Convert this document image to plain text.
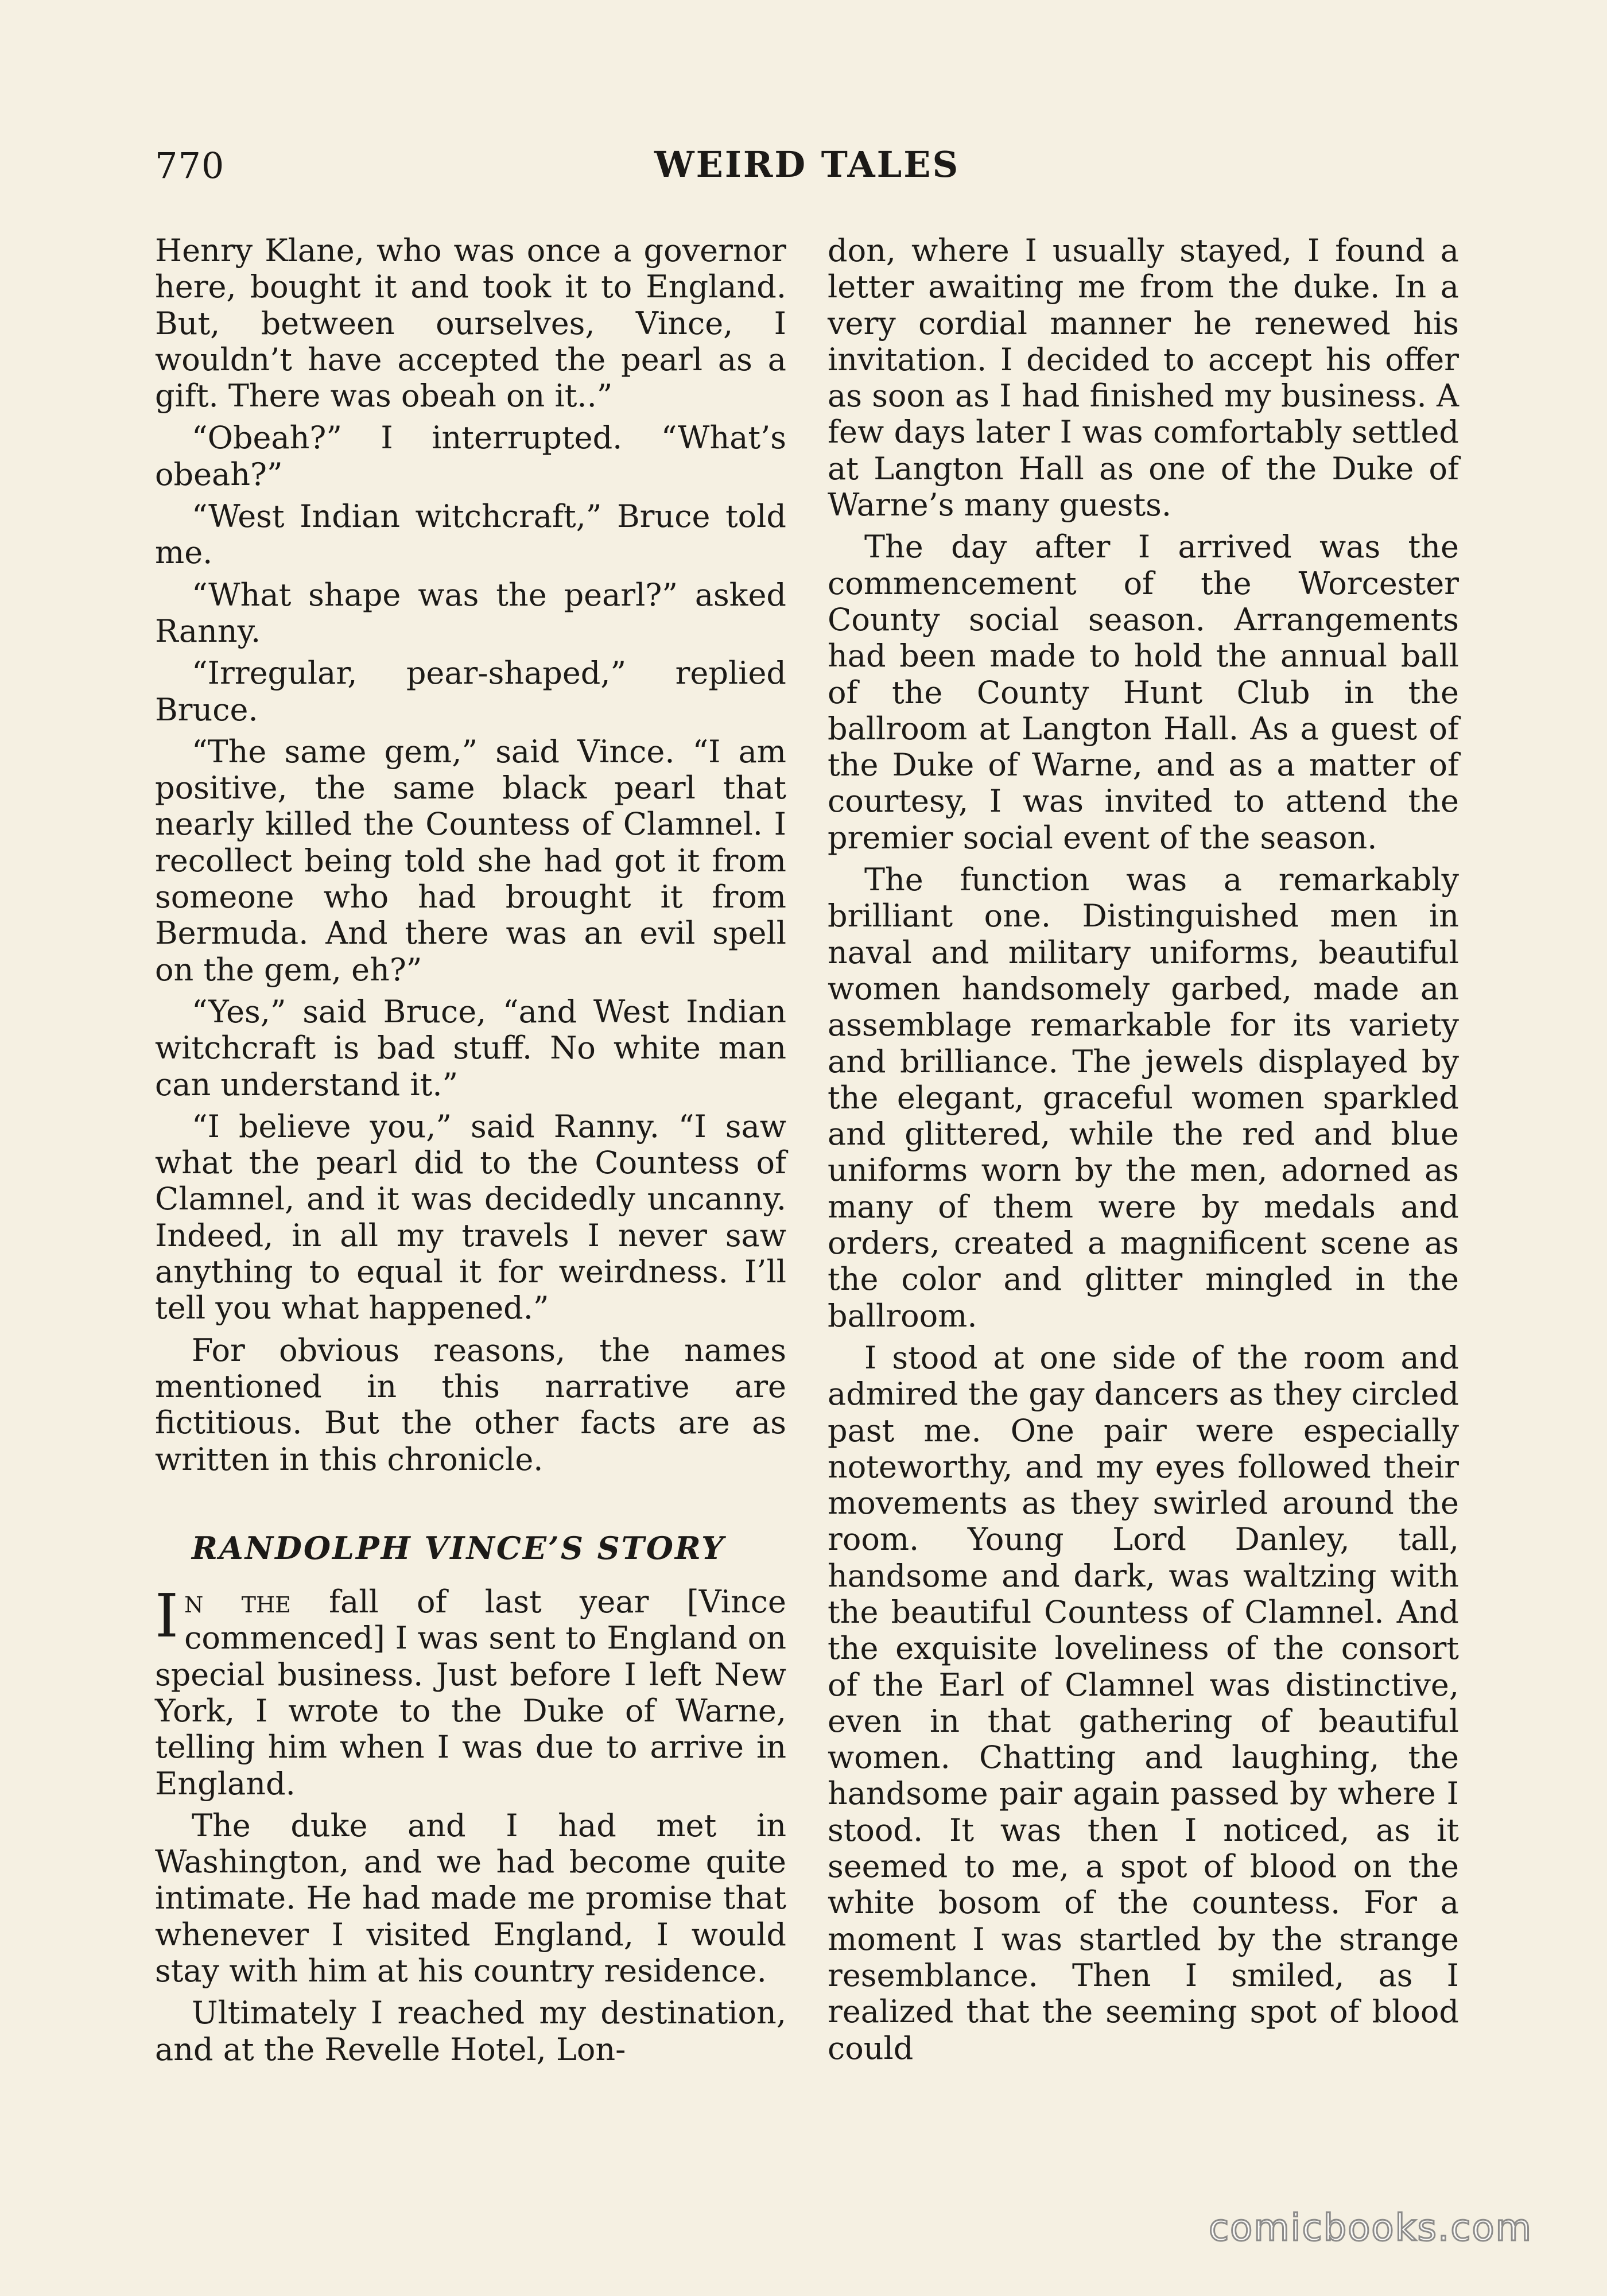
770	WEIRD TALES

Henry Klane, who was once a governor here, bought it and took it to England. But, between ourselves, Vince, I wouldn’t have accepted the pearl as a gift. There was obeah on it..”

“Obeah?” I interrupted. “What’s obeah?”

“West Indian witchcraft,” Bruce told me.

“What shape was the pearl?” asked Ranny.

“Irregular, pear-shaped,” replied Bruce.

“The same gem,” said Vince. “I am positive, the same black pearl that nearly killed the Countess of Clamnel. I recollect being told she had got it from someone who had brought it from Bermuda. And there was an evil spell on the gem, eh?”

“Yes,” said Bruce, “and West Indian witchcraft is bad stuff. No white man can understand it.”

“I believe you,” said Ranny. “I saw what the pearl did to the Countess of Clamnel, and it was decidedly uncanny. Indeed, in all my travels I never saw anything to equal it for weirdness. I’ll tell you what happened.”

For obvious reasons, the names mentioned in this narrative are fictitious. But the other facts are as written in this chronicle.

RANDOLPH VINCE’S STORY

In the fall of last year [Vince commenced] I was sent to England on special business. Just before I left New York, I wrote to the Duke of Warne, telling him when I was due to arrive in England.

The duke and I had met in Washington, and we had become quite intimate. He had made me promise that whenever I visited England, I would stay with him at his country residence.

Ultimately I reached my destination, and at the Revelle Hotel, Lon-

don, where I usually stayed, I found a letter awaiting me from the duke. In a very cordial manner he renewed his invitation. I decided to accept his offer as soon as I had finished my business. A few days later I was comfortably settled at Langton Hall as one of the Duke of Warne’s many guests.

The day after I arrived was the commencement of the Worcester County social season. Arrangements had been made to hold the annual ball of the County Hunt Club in the ballroom at Langton Hall. As a guest of the Duke of Warne, and as a matter of courtesy, I was invited to attend the premier social event of the season.

The function was a remarkably brilliant one. Distinguished men in naval and military uniforms, beautiful women handsomely garbed, made an assemblage remarkable for its variety and brilliance. The jewels displayed by the elegant, graceful women sparkled and glittered, while the red and blue uniforms worn by the men, adorned as many of them were by medals and orders, created a magnificent scene as the color and glitter mingled in the ballroom.

I stood at one side of the room and admired the gay dancers as they circled past me. One pair were especially noteworthy, and my eyes followed their movements as they swirled around the room. Young Lord Danley, tall, handsome and dark, was waltzing with the beautiful Countess of Clamnel. And the exquisite loveliness of the consort of the Earl of Clamnel was distinctive, even in that gathering of beautiful women. Chatting and laughing, the handsome pair again passed by where I stood. It was then I noticed, as it seemed to me, a spot of blood on the white bosom of the countess. For a moment I was startled by the strange resemblance. Then I smiled, as I realized that the seeming spot of blood could

comicbooks.com
